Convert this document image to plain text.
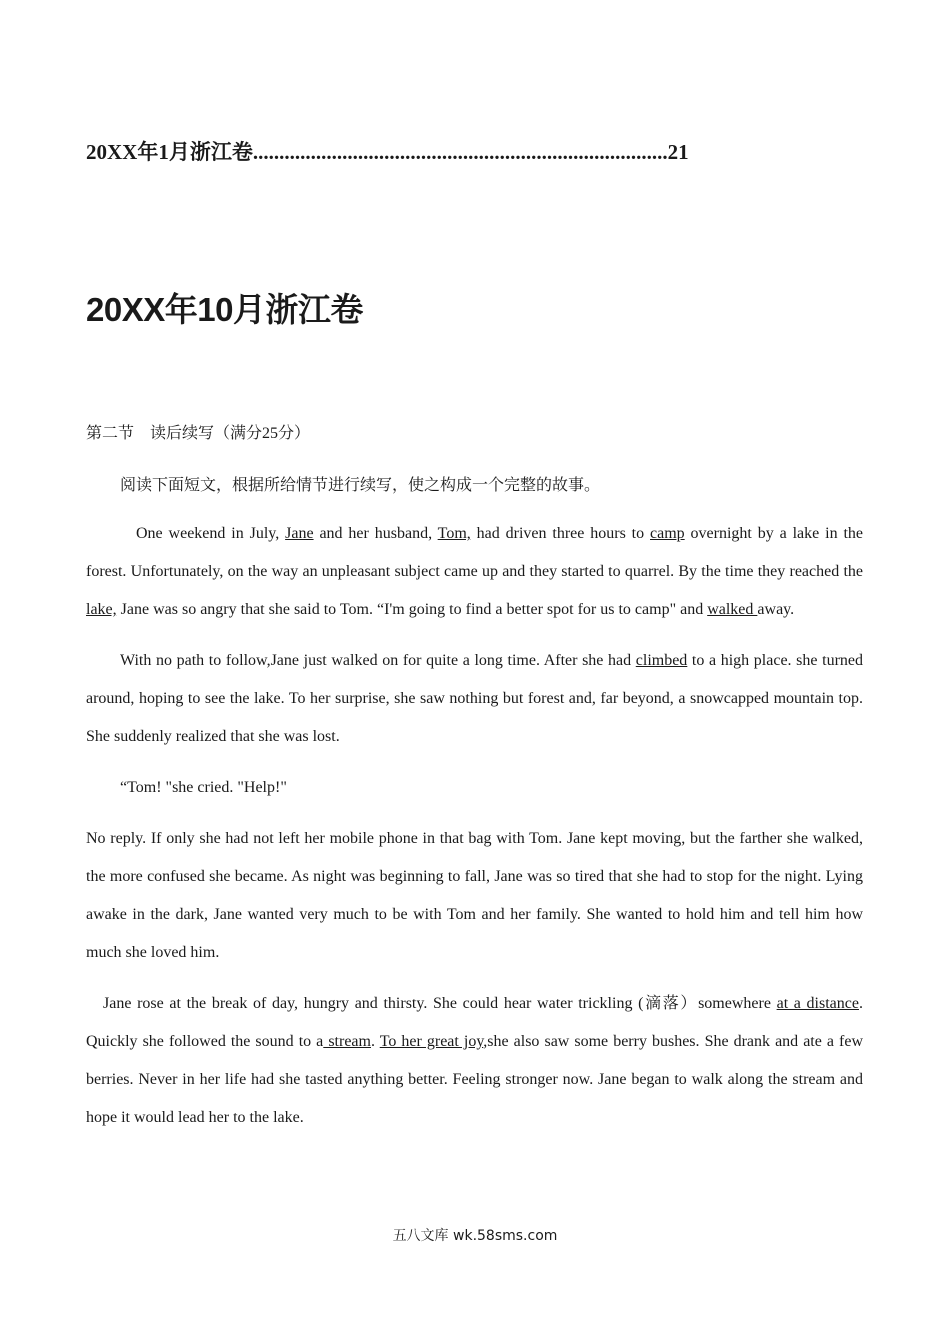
20XX年1月浙江卷...............................................................................21
20XX年10月浙江卷
第二节　读后续写（满分25分）
阅读下面短文，根据所给情节进行续写，使之构成一个完整的故事。

One weekend in July, Jane and her husband, Tom, had driven three hours to camp overnight by a lake in the forest. Unfortunately, on the way an unpleasant subject came up and they started to quarrel. By the time they reached the lake, Jane was so angry that she said to Tom. “I'm going to find a better spot for us to camp" and walked away.

With no path to follow,Jane just walked on for quite a long time. After she had climbed to a high place. she turned around, hoping to see the lake. To her surprise, she saw nothing but forest and, far beyond, a snowcapped mountain top. She suddenly realized that she was lost.

“Tom! "she cried. "Help!"

No reply. If only she had not left her mobile phone in that bag with Tom. Jane kept moving, but the farther she walked, the more confused she became. As night was beginning to fall, Jane was so tired that she had to stop for the night. Lying awake in the dark, Jane wanted very much to be with Tom and her family. She wanted to hold him and tell him how much she loved him.

Jane rose at the break of day, hungry and thirsty. She could hear water trickling (滴落）somewhere at a distance. Quickly she followed the sound to a stream. To her great joy,she also saw some berry bushes. She drank and ate a few berries. Never in her life had she tasted anything better. Feeling stronger now. Jane began to walk along the stream and hope it would lead her to the lake.

五八文库 wk.58sms.com
